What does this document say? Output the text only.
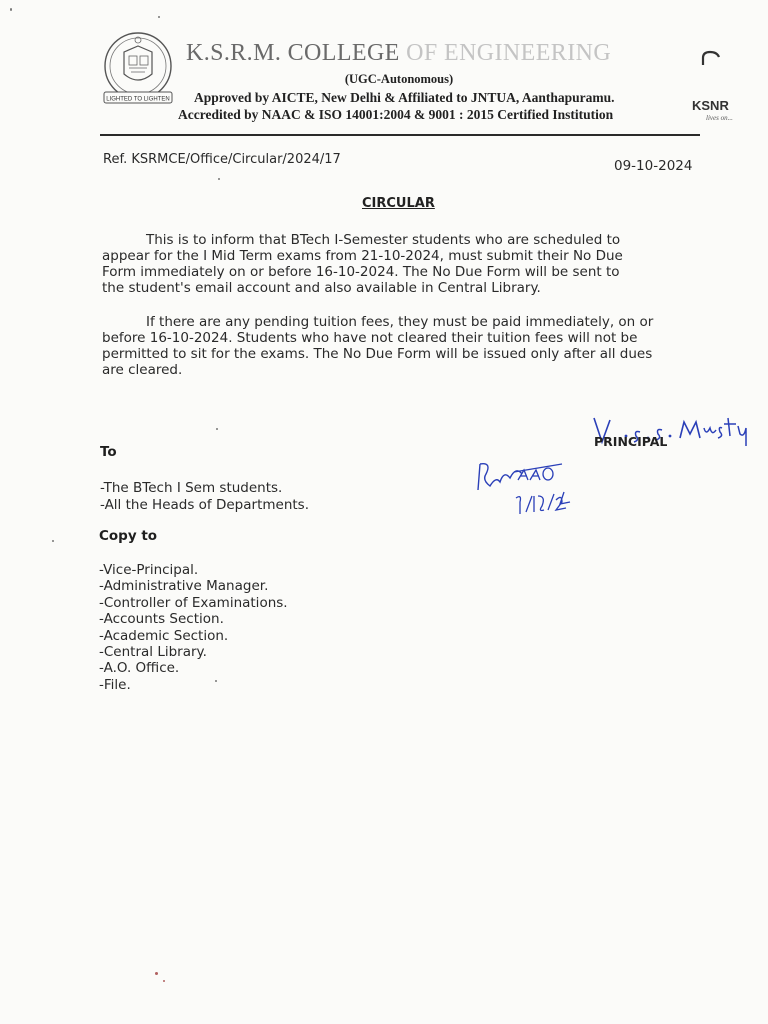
LIGHTED TO LIGHTEN
K.S.R.M. COLLEGE OF ENGINEERING
(UGC-Autonomous)
Approved by AICTE, New Delhi & Affiliated to JNTUA, Aanthapuramu.
Accredited by NAAC & ISO 14001:2004 & 9001 : 2015 Certified Institution
KSNR
lives on...
Ref. KSRMCE/Office/Circular/2024/17	09-10-2024
CIRCULAR
This is to inform that BTech I-Semester students who are scheduled to
appear for the I Mid Term exams from 21-10-2024, must submit their No Due
Form immediately on or before 16-10-2024. The No Due Form will be sent to
the student's email account and also available in Central Library.
If there are any pending tuition fees, they must be paid immediately, on or
before 16-10-2024. Students who have not cleared their tuition fees will not be
permitted to sit for the exams. The No Due Form will be issued only after all dues
are cleared.
PRINCIPAL
To
-The BTech I Sem students.
-All the Heads of Departments.
Copy to
-Vice-Principal.
-Administrative Manager.
-Controller of Examinations.
-Accounts Section.
-Academic Section.
-Central Library.
-A.O. Office.
-File.
